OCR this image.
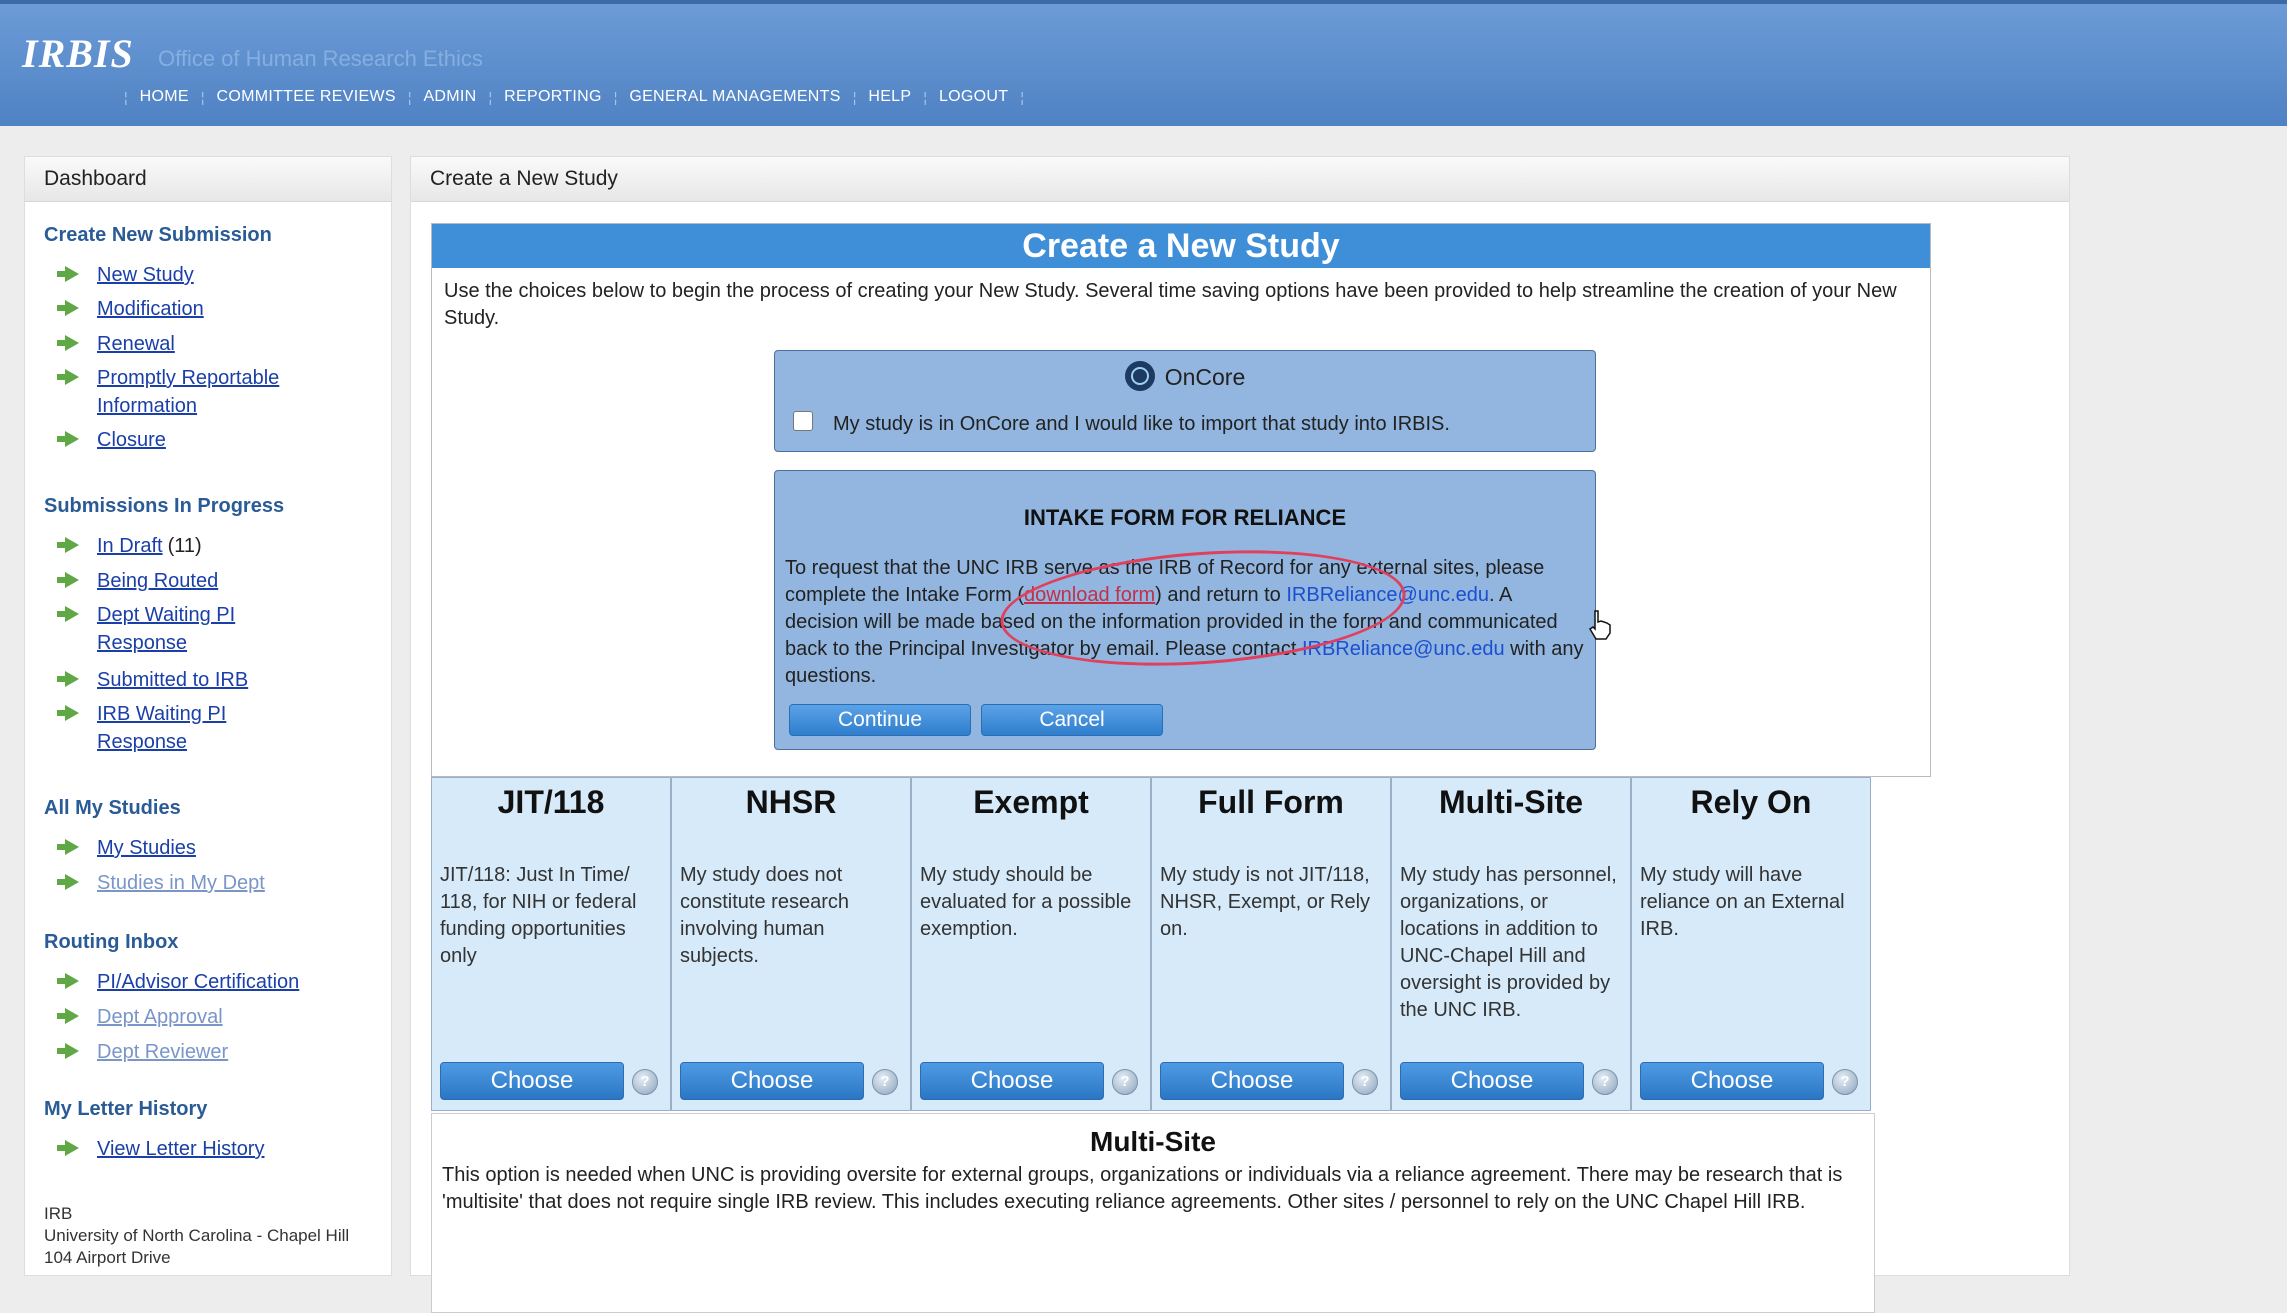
IRBIS Office of Human Research Ethics
¦ HOME ¦ COMMITTEE REVIEWS ¦ ADMIN ¦ REPORTING ¦ GENERAL MANAGEMENTS ¦ HELP ¦ LOGOUT ¦
Dashboard
Create New Submission
New Study
Modification
Renewal
Promptly Reportable Information
Closure
Submissions In Progress
In Draft (11)
Being Routed
Dept Waiting PI Response
Submitted to IRB
IRB Waiting PI Response
All My Studies
My Studies
Studies in My Dept
Routing Inbox
PI/Advisor Certification
Dept Approval
Dept Reviewer
My Letter History
View Letter History
IRB
University of North Carolina - Chapel Hill
104 Airport Drive
Create a New Study
Create a New Study
Use the choices below to begin the process of creating your New Study. Several time saving options have been provided to help streamline the creation of your New Study.
OnCore
My study is in OnCore and I would like to import that study into IRBIS.
INTAKE FORM FOR RELIANCE
To request that the UNC IRB serve as the IRB of Record for any external sites, please complete the Intake Form (download form) and return to IRBReliance@unc.edu. A decision will be made based on the information provided in the form and communicated back to the Principal Investigator by email. Please contact IRBReliance@unc.edu with any questions.
Continue	Cancel
JIT/118
JIT/118: Just In Time/ 118, for NIH or federal funding opportunities only
Choose	?
NHSR
My study does not constitute research involving human subjects.
Choose	?
Exempt
My study should be evaluated for a possible exemption.
Choose	?
Full Form
My study is not JIT/118, NHSR, Exempt, or Rely on.
Choose	?
Multi-Site
My study has personnel, organizations, or locations in addition to UNC-Chapel Hill and oversight is provided by the UNC IRB.
Choose	?
Rely On
My study will have reliance on an External IRB.
Choose	?
Multi-Site
This option is needed when UNC is providing oversite for external groups, organizations or individuals via a reliance agreement. There may be research that is 'multisite' that does not require single IRB review. This includes executing reliance agreements. Other sites / personnel to rely on the UNC Chapel Hill IRB.
